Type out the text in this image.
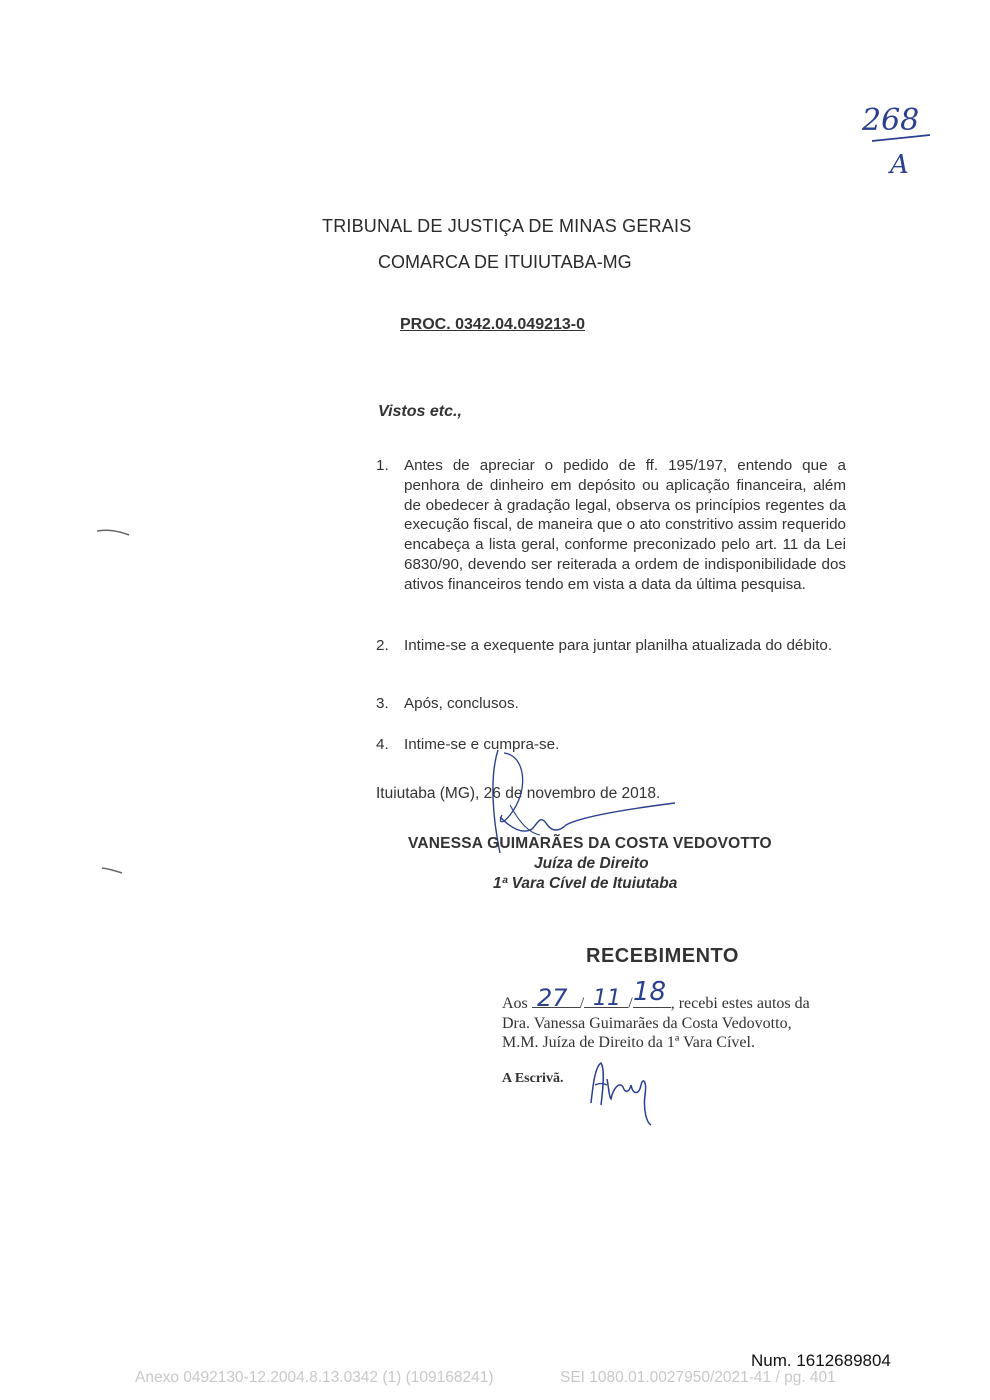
268
A
TRIBUNAL DE JUSTIÇA DE MINAS GERAIS
COMARCA DE ITUIUTABA-MG
PROC. 0342.04.049213-0
Vistos etc.,
1. Antes de apreciar o pedido de ff. 195/197, entendo que a penhora de dinheiro em depósito ou aplicação financeira, além de obedecer à gradação legal, observa os princípios regentes da execução fiscal, de maneira que o ato constritivo assim requerido encabeça a lista geral, conforme preconizado pelo art. 11 da Lei 6830/90, devendo ser reiterada a ordem de indisponibilidade dos ativos financeiros tendo em vista a data da última pesquisa.
2. Intime-se a exequente para juntar planilha atualizada do débito.
3. Após, conclusos.
4. Intime-se e cumpra-se.
Ituiutaba (MG), 26 de novembro de 2018.
VANESSA GUIMARÃES DA COSTA VEDOVOTTO
Juíza de Direito
1ª Vara Cível de Ituiutaba
RECEBIMENTO
Aos	/	/ , recebi estes autos da
27 11 18
Dra. Vanessa Guimarães da Costa Vedovotto,
M.M. Juíza de Direito da 1ª Vara Cível.
A Escrivã.
Num. 1612689804
Anexo 0492130-12.2004.8.13.0342 (1) (109168241)	SEI 1080.01.0027950/2021-41 / pg. 401
